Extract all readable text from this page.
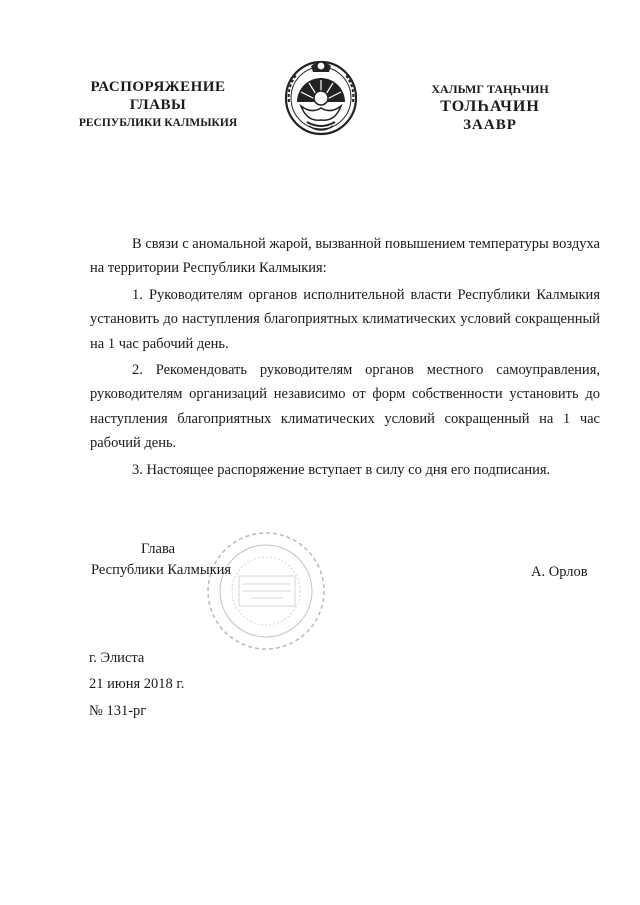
РАСПОРЯЖЕНИЕ
ГЛАВЫ
РЕСПУБЛИКИ КАЛМЫКИЯ
ХАЛЬМГ ТАҢҺЧИН
ТОЛҺАЧИН
ЗААВР

В связи с аномальной жарой, вызванной повышением температуры воздуха на территории Республики Калмыкия:

1. Руководителям органов исполнительной власти Республики Калмыкия установить до наступления благоприятных климатических условий сокращенный на 1 час рабочий день.

2. Рекомендовать руководителям органов местного самоуправления, руководителям организаций независимо от форм собственности установить до наступления благоприятных климатических условий сокращенный на 1 час рабочий день.

3. Настоящее распоряжение вступает в силу со дня его подписания.

Глава
Республики Калмыкия	А. Орлов
г. Элиста
21 июня 2018 г.
№ 131-рг
